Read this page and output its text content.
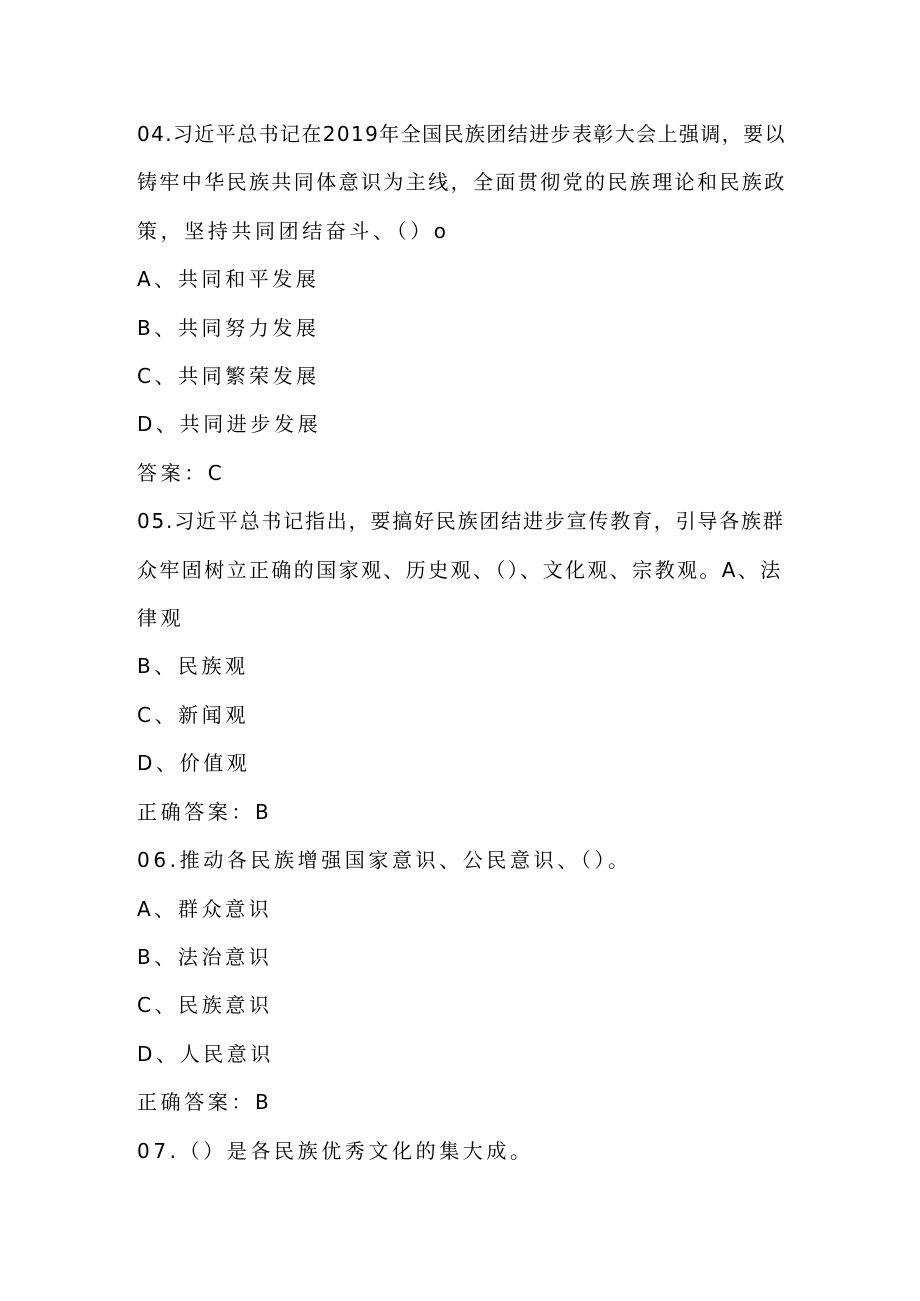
04.习近平总书记在2019年全国民族团结进步表彰大会上强调，要以
铸牢中华民族共同体意识为主线，全面贯彻党的民族理论和民族政
策，坚持共同团结奋斗、（）o
A、共同和平发展
B、共同努力发展
C、共同繁荣发展
D、共同进步发展
答案：C
05.习近平总书记指出，要搞好民族团结进步宣传教育，引导各族群
众牢固树立正确的国家观、历史观、（）、文化观、宗教观。A、法
律观
B、民族观
C、新闻观
D、价值观
正确答案：B
06.推动各民族增强国家意识、公民意识、（）。
A、群众意识
B、法治意识
C、民族意识
D、人民意识
正确答案：B
07.（）是各民族优秀文化的集大成。
